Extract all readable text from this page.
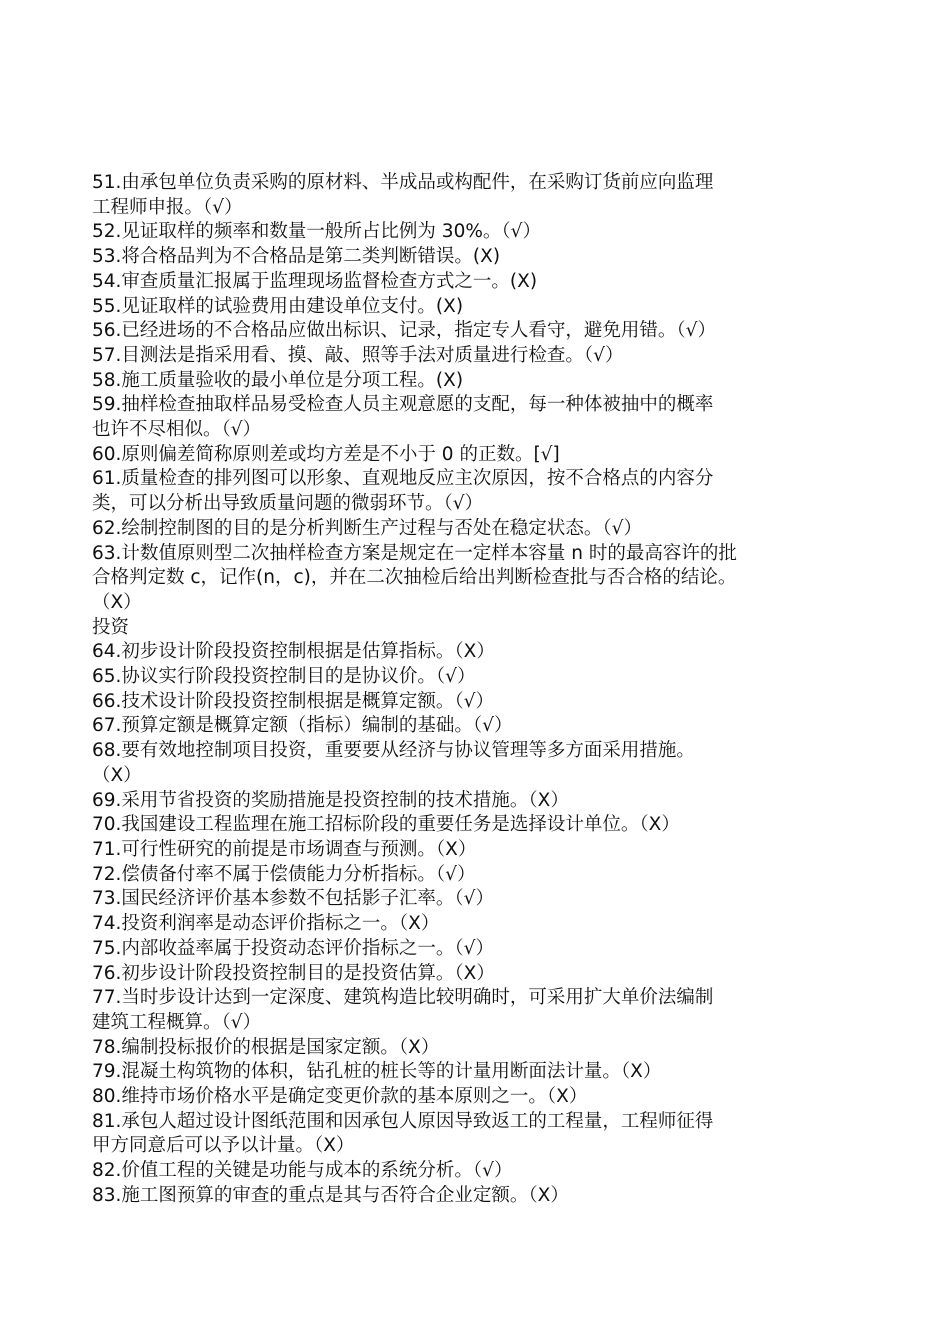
51.由承包单位负责采购的原材料、半成品或构配件，在采购订货前应向监理
工程师申报。（√）
52.见证取样的频率和数量一般所占比例为 30%。（√）
53.将合格品判为不合格品是第二类判断错误。(X)
54.审查质量汇报属于监理现场监督检查方式之一。(X)
55.见证取样的试验费用由建设单位支付。(X)
56.已经进场的不合格品应做出标识、记录，指定专人看守，避免用错。（√）
57.目测法是指采用看、摸、敲、照等手法对质量进行检查。（√）
58.施工质量验收的最小单位是分项工程。(X)
59.抽样检查抽取样品易受检查人员主观意愿的支配，每一种体被抽中的概率
也许不尽相似。（√）
60.原则偏差简称原则差或均方差是不小于 0 的正数。[√]
61.质量检查的排列图可以形象、直观地反应主次原因，按不合格点的内容分
类，可以分析出导致质量问题的微弱环节。（√）
62.绘制控制图的目的是分析判断生产过程与否处在稳定状态。（√）
63.计数值原则型二次抽样检查方案是规定在一定样本容量 n 时的最高容许的批
合格判定数 c，记作(n，c)，并在二次抽检后给出判断检查批与否合格的结论。
（X）
投资
64.初步设计阶段投资控制根据是估算指标。（X）
65.协议实行阶段投资控制目的是协议价。（√）
66.技术设计阶段投资控制根据是概算定额。（√）
67.预算定额是概算定额（指标）编制的基础。（√）
68.要有效地控制项目投资，重要要从经济与协议管理等多方面采用措施。
（X）
69.采用节省投资的奖励措施是投资控制的技术措施。（X）
70.我国建设工程监理在施工招标阶段的重要任务是选择设计单位。（X）
71.可行性研究的前提是市场调查与预测。（X）
72.偿债备付率不属于偿债能力分析指标。（√）
73.国民经济评价基本参数不包括影子汇率。（√）
74.投资利润率是动态评价指标之一。（X）
75.内部收益率属于投资动态评价指标之一。（√）
76.初步设计阶段投资控制目的是投资估算。（X）
77.当时步设计达到一定深度、建筑构造比较明确时，可采用扩大单价法编制
建筑工程概算。（√）
78.编制投标报价的根据是国家定额。（X）
79.混凝土构筑物的体积，钻孔桩的桩长等的计量用断面法计量。（X）
80.维持市场价格水平是确定变更价款的基本原则之一。（X）
81.承包人超过设计图纸范围和因承包人原因导致返工的工程量，工程师征得
甲方同意后可以予以计量。（X）
82.价值工程的关键是功能与成本的系统分析。（√）
83.施工图预算的审查的重点是其与否符合企业定额。（X）
